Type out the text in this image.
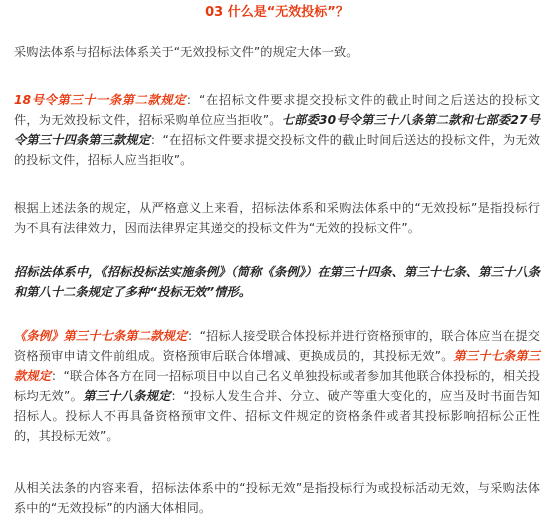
03 什么是“无效投标”？

采购法体系与招标法体系关于“无效投标文件”的规定大体一致。

18号令第三十一条第二款规定：“在招标文件要求提交投标文件的截止时间之后送达的投标文件，为无效投标文件，招标采购单位应当拒收”。七部委30号令第三十八条第二款和七部委27号令第三十四条第三款规定：“在招标文件要求提交投标文件的截止时间后送达的投标文件，为无效的投标文件，招标人应当拒收”。

根据上述法条的规定，从严格意义上来看，招标法体系和采购法体系中的“无效投标”是指投标行为不具有法律效力，因而法律界定其递交的投标文件为“无效的投标文件”。

招标法体系中，《招标投标法实施条例》（简称《条例》）在第三十四条、第三十七条、第三十八条和第八十二条规定了多种“投标无效”情形。

《条例》第三十七条第二款规定：“招标人接受联合体投标并进行资格预审的，联合体应当在提交资格预审申请文件前组成。资格预审后联合体增减、更换成员的，其投标无效”。第三十七条第三款规定：“联合体各方在同一招标项目中以自己名义单独投标或者参加其他联合体投标的，相关投标均无效”。第三十八条规定：“投标人发生合并、分立、破产等重大变化的，应当及时书面告知招标人。投标人不再具备资格预审文件、招标文件规定的资格条件或者其投标影响招标公正性的，其投标无效”。

从相关法条的内容来看，招标法体系中的“投标无效”是指投标行为或投标活动无效，与采购法体系中的“无效投标”的内涵大体相同。
